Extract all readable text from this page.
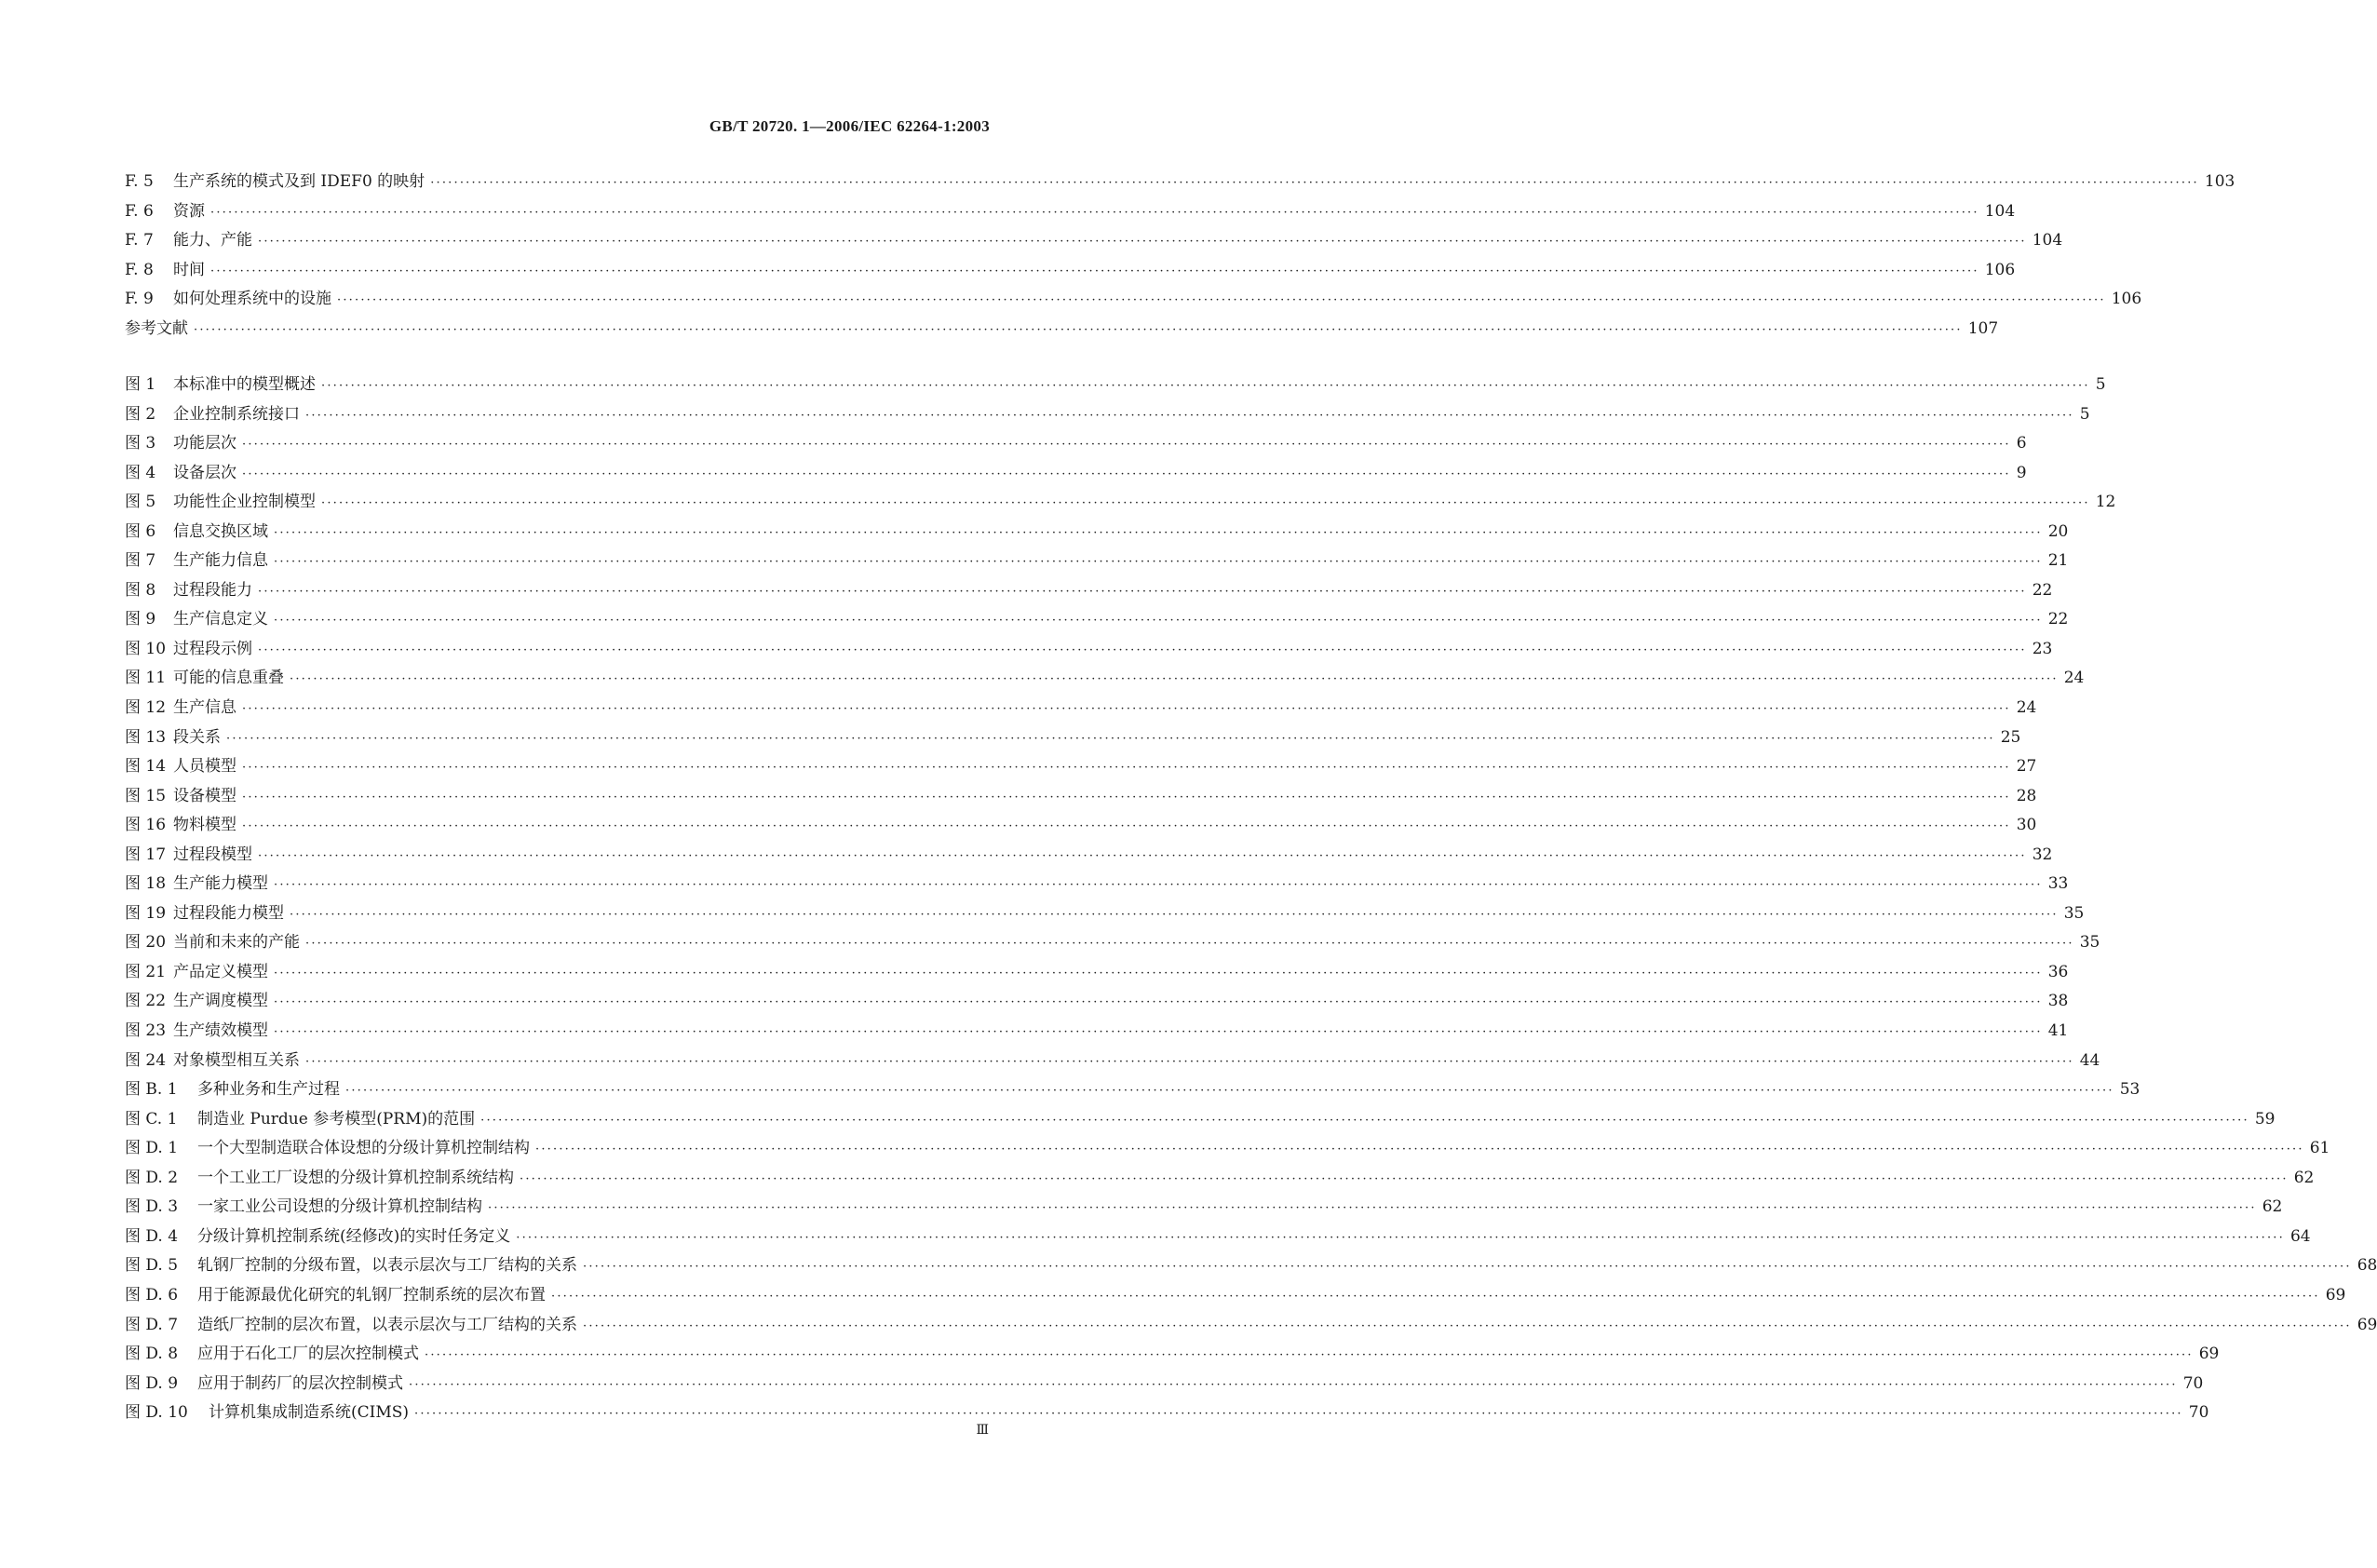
GB/T 20720. 1—2006/IEC 62264-1:2003
F. 5	生产系统的模式及到 IDEF0 的映射 ············································································································································································································································································································ 103
F. 6	资源 ············································································································································································································································································································ 104
F. 7	能力、产能 ············································································································································································································································································································ 104
F. 8	时间 ············································································································································································································································································································ 106
F. 9	如何处理系统中的设施 ············································································································································································································································································································ 106
参考文献 ············································································································································································································································································································ 107
图 1	本标准中的模型概述 ············································································································································································································································································································ 5
图 2	企业控制系统接口 ············································································································································································································································································································ 5
图 3	功能层次 ············································································································································································································································································································ 6
图 4	设备层次 ············································································································································································································································································································ 9
图 5	功能性企业控制模型 ············································································································································································································································································································ 12
图 6	信息交换区域 ············································································································································································································································································································ 20
图 7	生产能力信息 ············································································································································································································································································································ 21
图 8	过程段能力 ············································································································································································································································································································ 22
图 9	生产信息定义 ············································································································································································································································································································ 22
图 10 过程段示例 ············································································································································································································································································································ 23
图 11 可能的信息重叠 ············································································································································································································································································································ 24
图 12 生产信息 ············································································································································································································································································································ 24
图 13 段关系 ············································································································································································································································································································ 25
图 14 人员模型 ············································································································································································································································································································ 27
图 15 设备模型 ············································································································································································································································································································ 28
图 16 物料模型 ············································································································································································································································································································ 30
图 17 过程段模型 ············································································································································································································································································································ 32
图 18 生产能力模型 ············································································································································································································································································································ 33
图 19 过程段能力模型 ············································································································································································································································································································ 35
图 20 当前和未来的产能 ············································································································································································································································································································ 35
图 21 产品定义模型 ············································································································································································································································································································ 36
图 22 生产调度模型 ············································································································································································································································································································ 38
图 23 生产绩效模型 ············································································································································································································································································································ 41
图 24 对象模型相互关系 ············································································································································································································································································································ 44
图 B. 1	多种业务和生产过程 ············································································································································································································································································································ 53
图 C. 1	制造业 Purdue 参考模型(PRM)的范围 ············································································································································································································································································································ 59
图 D. 1	一个大型制造联合体设想的分级计算机控制结构 ············································································································································································································································································································ 61
图 D. 2	一个工业工厂设想的分级计算机控制系统结构 ············································································································································································································································································································ 62
图 D. 3	一家工业公司设想的分级计算机控制结构 ············································································································································································································································································································ 62
图 D. 4	分级计算机控制系统(经修改)的实时任务定义 ············································································································································································································································································································ 64
图 D. 5	轧钢厂控制的分级布置，以表示层次与工厂结构的关系 ············································································································································································································································································································ 68
图 D. 6	用于能源最优化研究的轧钢厂控制系统的层次布置 ············································································································································································································································································································ 69
图 D. 7	造纸厂控制的层次布置，以表示层次与工厂结构的关系 ············································································································································································································································································································ 69
图 D. 8	应用于石化工厂的层次控制模式 ············································································································································································································································································································ 69
图 D. 9	应用于制药厂的层次控制模式 ············································································································································································································································································································ 70
图 D. 10	计算机集成制造系统(CIMS) ············································································································································································································································································································ 70
Ⅲ
